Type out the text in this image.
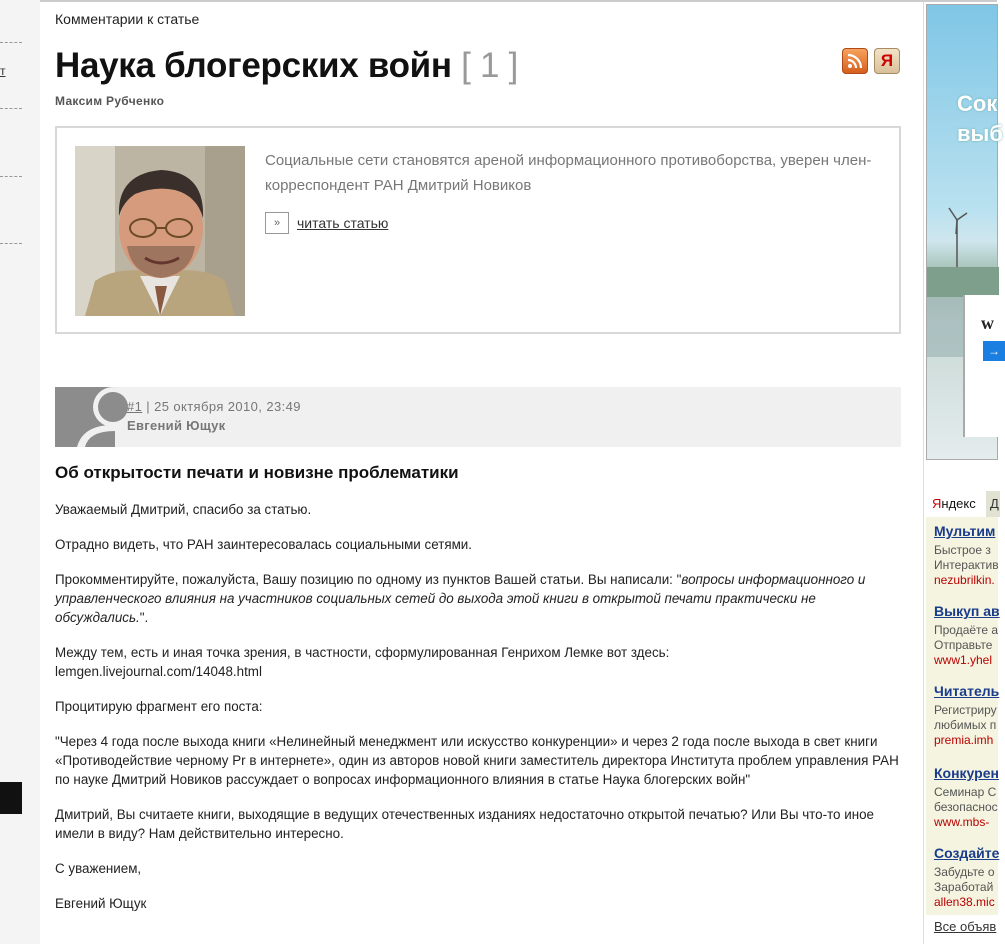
т
Комментарии к статье
Наука блогерских войн [ 1 ]	Я
Максим Рубченко
Социальные сети становятся ареной информационного противоборства, уверен член-корреспондент РАН Дмитрий Новиков
»	читать статью
#1 | 25 октября 2010, 23:49
Евгений Ющук
Об открытости печати и новизне проблематики

Уважаемый Дмитрий, спасибо за статью.

Отрадно видеть, что РАН заинтересовалась социальными сетями.

Прокомментируйте, пожалуйста, Вашу позицию по одному из пунктов Вашей статьи. Вы написали: "вопросы информационного и управленческого влияния на участников социальных сетей до выхода этой книги в открытой печати практически не обсуждались.".

Между тем, есть и иная точка зрения, в частности, сформулированная Генрихом Лемке вот здесь:
lemgen.livejournal.com/14048.html

Процитирую фрагмент его поста:

"Через 4 года после выхода книги «Нелинейный менеджмент или искусство конкуренции» и через 2 года после выхода в свет книги «Противодействие черному Pr в интернете», один из авторов новой книги заместитель директора Института проблем управления РАН по науке Дмитрий Новиков рассуждает о вопросах информационного влияния в статье Наука блогерских войн"

Дмитрий, Вы считаете книги, выходящие в ведущих отечественных изданиях недостаточно открытой печатью? Или Вы что-то иное имели в виду? Нам действительно интересно.

С уважением,

Евгений Ющук

Сок
выб
w
→
Яндекс	Д
Мультим
Быстрое з
Интерактив
nezubrilkin.
Выкуп ав
Продаёте а
Отправьте
www1.yhel
Читатель
Регистриру
любимых п
premia.imh
Конкурен
Семинар С
безопаснос
www.mbs-
Создайте
Забудьте о
Заработай
allen38.mic
Все объяв
